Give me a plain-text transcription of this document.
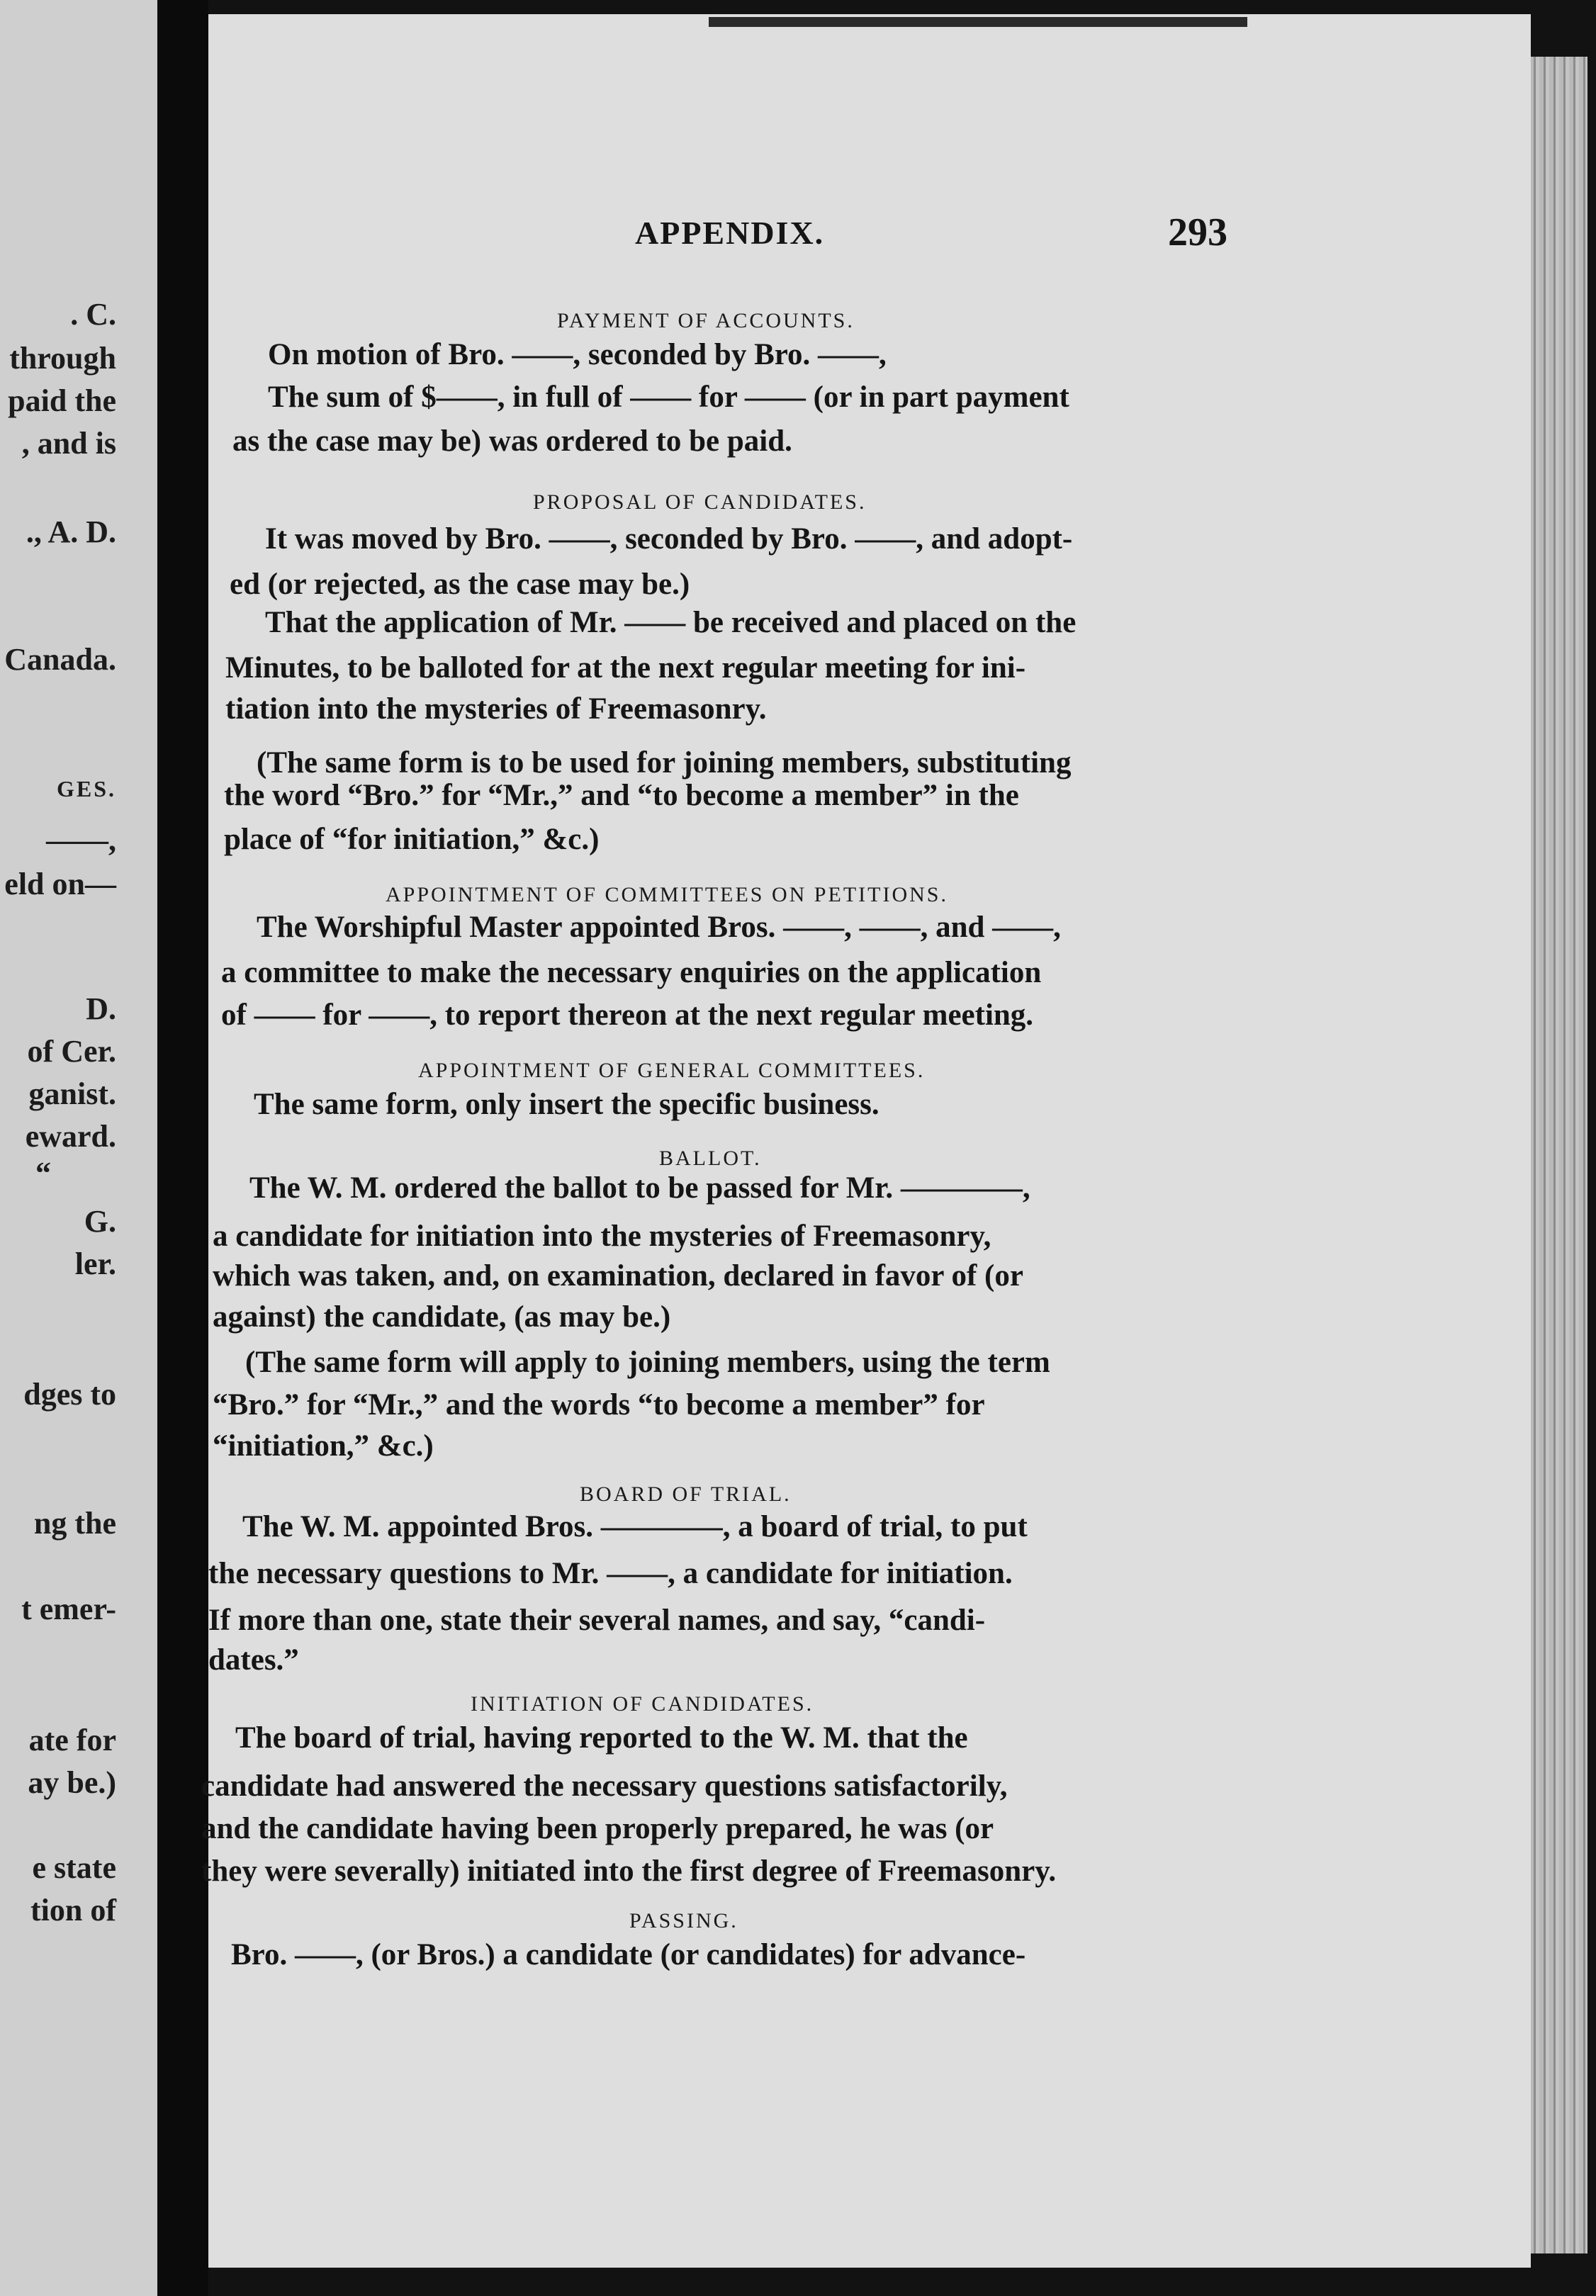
. C.
through
paid the
, and is
., A. D.
Canada.
GES.
——,
eld on—
D.
of Cer.
ganist.
eward.
“
G.
ler.
dges to
ng the
t emer-
ate for
ay be.)
e state
tion of
APPENDIX.	293
PAYMENT OF ACCOUNTS.
On motion of Bro. ——, seconded by Bro. ——,
The sum of $——, in full of —— for —— (or in part payment
as the case may be) was ordered to be paid.
PROPOSAL OF CANDIDATES.
It was moved by Bro. ——, seconded by Bro. ——, and adopt-
ed (or rejected, as the case may be.)
That the application of Mr. —— be received and placed on the
Minutes, to be balloted for at the next regular meeting for ini-
tiation into the mysteries of Freemasonry.
(The same form is to be used for joining members, substituting
the word “Bro.” for “Mr.,” and “to become a member” in the
place of “for initiation,” &c.)
APPOINTMENT OF COMMITTEES ON PETITIONS.
The Worshipful Master appointed Bros. ——, ——, and ——,
a committee to make the necessary enquiries on the application
of —— for ——, to report thereon at the next regular meeting.
APPOINTMENT OF GENERAL COMMITTEES.
The same form, only insert the specific business.
BALLOT.
The W. M. ordered the ballot to be passed for Mr. ————,
a candidate for initiation into the mysteries of Freemasonry,
which was taken, and, on examination, declared in favor of (or
against) the candidate, (as may be.)
(The same form will apply to joining members, using the term
“Bro.” for “Mr.,” and the words “to become a member” for
“initiation,” &c.)
BOARD OF TRIAL.
The W. M. appointed Bros. ————, a board of trial, to put
the necessary questions to Mr. ——, a candidate for initiation.
If more than one, state their several names, and say, “candi-
dates.”
INITIATION OF CANDIDATES.
The board of trial, having reported to the W. M. that the
candidate had answered the necessary questions satisfactorily,
and the candidate having been properly prepared, he was (or
they were severally) initiated into the first degree of Freemasonry.
PASSING.
Bro. ——, (or Bros.) a candidate (or candidates) for advance-
